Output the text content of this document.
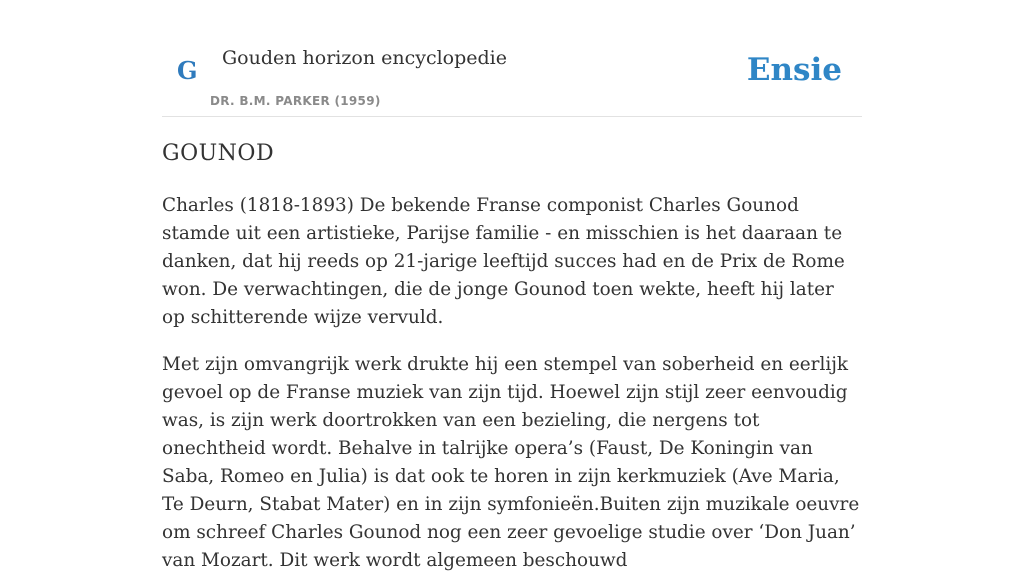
G Gouden horizon encyclopedie
DR. B.M. PARKER (1959)
Ensie
GOUNOD

Charles (1818-1893) De bekende Franse componist Charles Gounod stamde uit een artistieke, Parijse familie - en misschien is het daaraan te danken, dat hij reeds op 21-jarige leeftijd succes had en de Prix de Rome won. De verwachtingen, die de jonge Gounod toen wekte, heeft hij later op schitterende wijze vervuld.

Met zijn omvangrijk werk drukte hij een stempel van soberheid en eerlijk gevoel op de Franse muziek van zijn tijd. Hoewel zijn stijl zeer eenvoudig was, is zijn werk doortrokken van een bezieling, die nergens tot onechtheid wordt. Behalve in talrijke opera’s (Faust, De Koningin van Saba, Romeo en Julia) is dat ook te horen in zijn kerkmuziek (Ave Maria, Te Deurn, Stabat Mater) en in zijn symfonieën.Buiten zijn muzikale oeuvre om schreef Charles Gounod nog een zeer gevoelige studie over ‘Don Juan’ van Mozart. Dit werk wordt algemeen beschouwd
